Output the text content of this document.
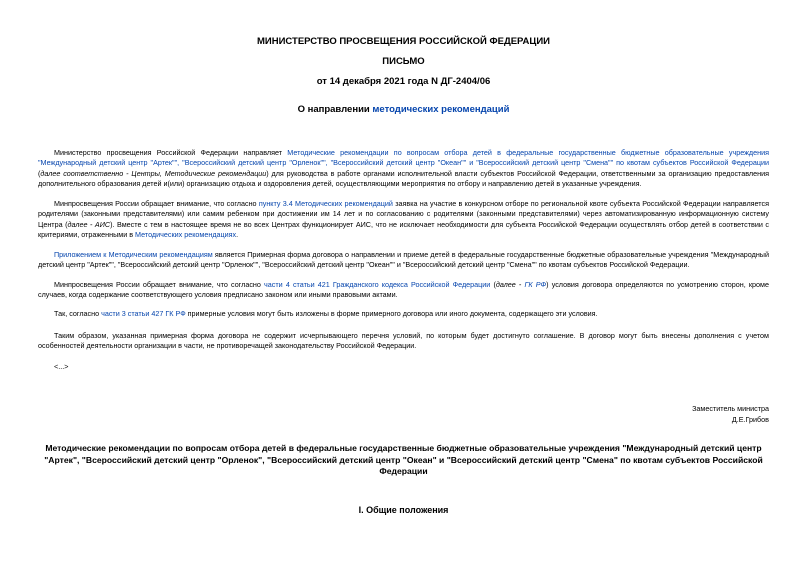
МИНИСТЕРСТВО ПРОСВЕЩЕНИЯ РОССИЙСКОЙ ФЕДЕРАЦИИ
ПИСЬМО
от 14 декабря 2021 года N ДГ-2404/06
О направлении методических рекомендаций
Министерство просвещения Российской Федерации направляет Методические рекомендации по вопросам отбора детей в федеральные государственные бюджетные образовательные учреждения "Международный детский центр "Артек"", "Всероссийский детский центр "Орленок"", "Всероссийский детский центр "Океан"" и "Всероссийский детский центр "Смена"" по квотам субъектов Российской Федерации (далее соответственно - Центры, Методические рекомендации) для руководства в работе органами исполнительной власти субъектов Российской Федерации, ответственными за организацию предоставления дополнительного образования детей и(или) организацию отдыха и оздоровления детей, осуществляющими мероприятия по отбору и направлению детей в указанные учреждения.
Минпросвещения России обращает внимание, что согласно пункту 3.4 Методических рекомендаций заявка на участие в конкурсном отборе по региональной квоте субъекта Российской Федерации направляется родителями (законными представителями) или самим ребенком при достижении им 14 лет и по согласованию с родителями (законными представителями) через автоматизированную информационную систему Центра (далее - АИС). Вместе с тем в настоящее время не во всех Центрах функционирует АИС, что не исключает необходимости для субъекта Российской Федерации осуществлять отбор детей в соответствии с критериями, отраженными в Методических рекомендациях.
Приложением к Методическим рекомендациям является Примерная форма договора о направлении и приеме детей в федеральные государственные бюджетные образовательные учреждения "Международный детский центр "Артек"", "Всероссийский детский центр "Орленок"", "Всероссийский детский центр "Океан"" и "Всероссийский детский центр "Смена"" по квотам субъектов Российской Федерации.
Минпросвещения России обращает внимание, что согласно части 4 статьи 421 Гражданского кодекса Российской Федерации (далее - ГК РФ) условия договора определяются по усмотрению сторон, кроме случаев, когда содержание соответствующего условия предписано законом или иными правовыми актами.
Так, согласно части 3 статьи 427 ГК РФ примерные условия могут быть изложены в форме примерного договора или иного документа, содержащего эти условия.
Таким образом, указанная примерная форма договора не содержит исчерпывающего перечня условий, по которым будет достигнуто соглашение. В договор могут быть внесены дополнения с учетом особенностей деятельности организации в части, не противоречащей законодательству Российской Федерации.
<...>
Заместитель министра
Д.Е.Грибов
Методические рекомендации по вопросам отбора детей в федеральные государственные бюджетные образовательные учреждения "Международный детский центр "Артек", "Всероссийский детский центр "Орленок", "Всероссийский детский центр "Океан" и "Всероссийский детский центр "Смена" по квотам субъектов Российской Федерации
I. Общие положения
